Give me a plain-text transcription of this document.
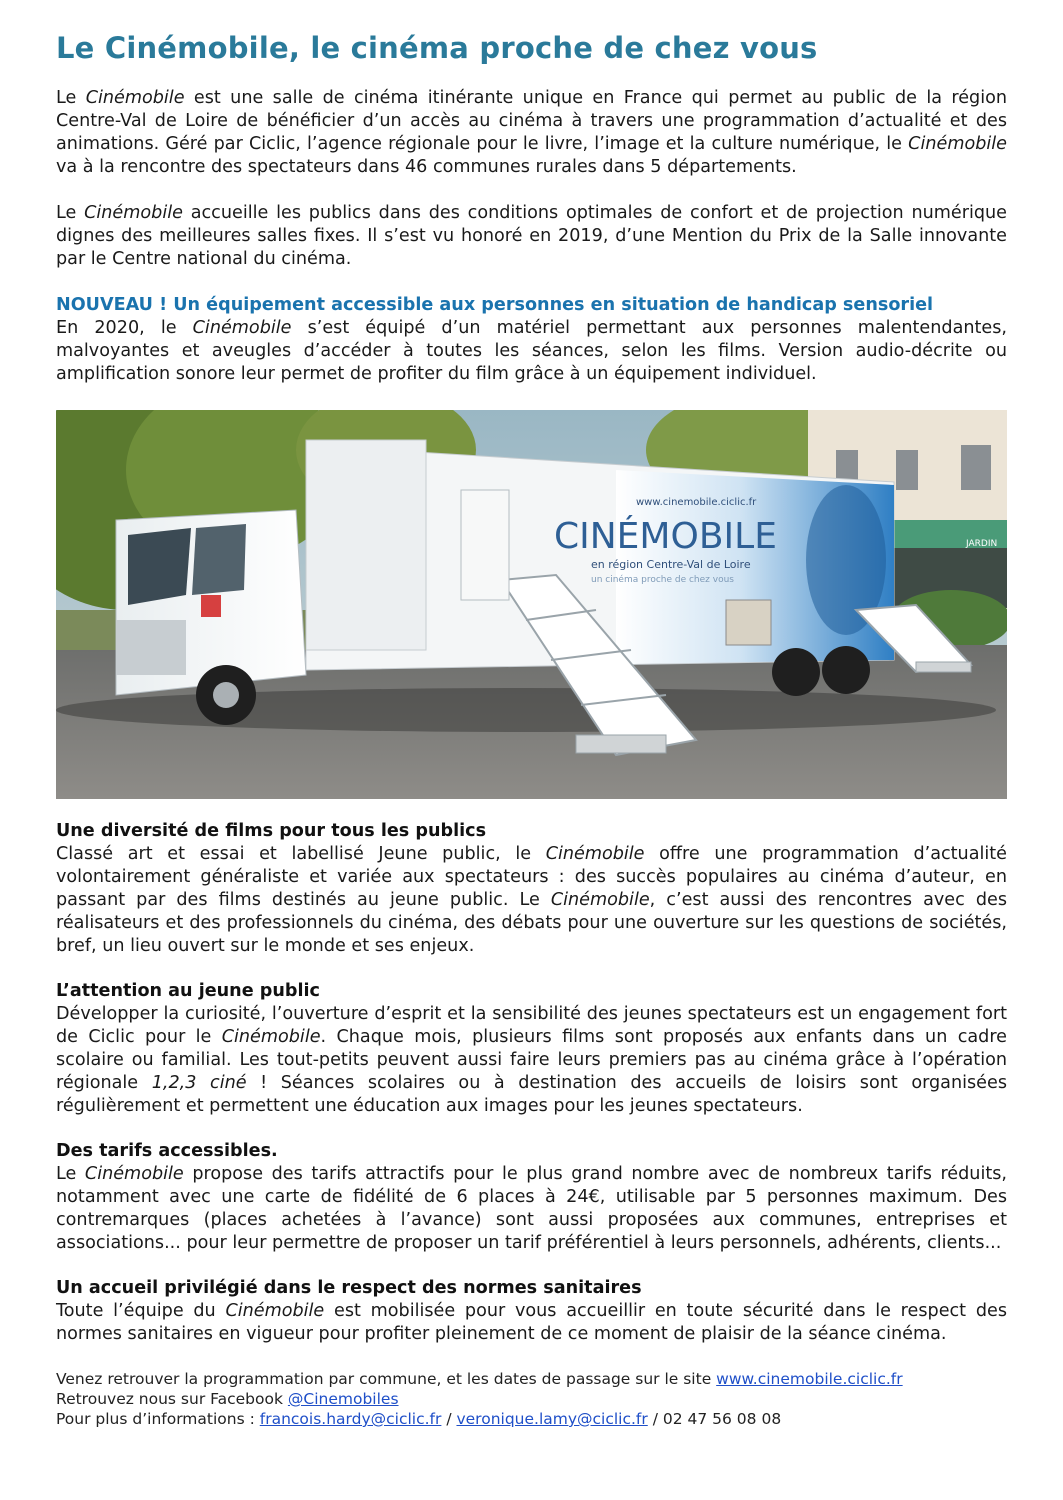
Le Cinémobile, le cinéma proche de chez vous

Le Cinémobile est une salle de cinéma itinérante unique en France qui permet au public de la région Centre-Val de Loire de bénéficier d’un accès au cinéma à travers une programmation d’actualité et des animations. Géré par Ciclic, l’agence régionale pour le livre, l’image et la culture numérique, le Cinémobile va à la rencontre des spectateurs dans 46 communes rurales dans 5 départements.

Le Cinémobile accueille les publics dans des conditions optimales de confort et de projection numérique dignes des meilleures salles fixes. Il s’est vu honoré en 2019, d’une Mention du Prix de la Salle innovante par le Centre national du cinéma.

NOUVEAU ! Un équipement accessible aux personnes en situation de handicap sensoriel

En 2020, le Cinémobile s’est équipé d’un matériel permettant aux personnes malentendantes, malvoyantes et aveugles d’accéder à toutes les séances, selon les films. Version audio-décrite ou amplification sonore leur permet de profiter du film grâce à un équipement individuel.

JARDIN
www.cinemobile.ciclic.fr
CINÉMOBILE
en région Centre-Val de Loire
un cinéma proche de chez vous
Une diversité de films pour tous les publics

Classé art et essai et labellisé Jeune public, le Cinémobile offre une programmation d’actualité volontairement généraliste et variée aux spectateurs : des succès populaires au cinéma d’auteur, en passant par des films destinés au jeune public. Le Cinémobile, c’est aussi des rencontres avec des réalisateurs et des professionnels du cinéma, des débats pour une ouverture sur les questions de sociétés, bref, un lieu ouvert sur le monde et ses enjeux.

L’attention au jeune public

Développer la curiosité, l’ouverture d’esprit et la sensibilité des jeunes spectateurs est un engagement fort de Ciclic pour le Cinémobile. Chaque mois, plusieurs films sont proposés aux enfants dans un cadre scolaire ou familial. Les tout-petits peuvent aussi faire leurs premiers pas au cinéma grâce à l’opération régionale 1,2,3 ciné ! Séances scolaires ou à destination des accueils de loisirs sont organisées régulièrement et permettent une éducation aux images pour les jeunes spectateurs.

Des tarifs accessibles.

Le Cinémobile propose des tarifs attractifs pour le plus grand nombre avec de nombreux tarifs réduits, notamment avec une carte de fidélité de 6 places à 24€, utilisable par 5 personnes maximum. Des contremarques (places achetées à l’avance) sont aussi proposées aux communes, entreprises et associations... pour leur permettre de proposer un tarif préférentiel à leurs personnels, adhérents, clients...

Un accueil privilégié dans le respect des normes sanitaires

Toute l’équipe du Cinémobile est mobilisée pour vous accueillir en toute sécurité dans le respect des normes sanitaires en vigueur pour profiter pleinement de ce moment de plaisir de la séance cinéma.

Venez retrouver la programmation par commune, et les dates de passage sur le site www.cinemobile.ciclic.fr
Retrouvez nous sur Facebook @Cinemobiles
Pour plus d’informations : francois.hardy@ciclic.fr / veronique.lamy@ciclic.fr / 02 47 56 08 08
